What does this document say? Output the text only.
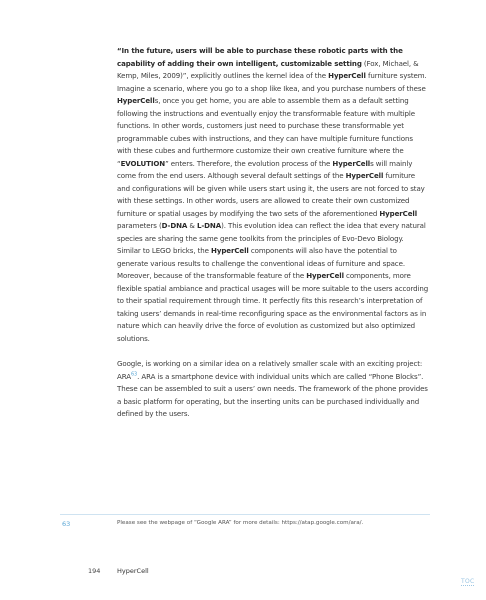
“In the future, users will be able to purchase these robotic parts with the capability of adding their own intelligent, customizable setting (Fox, Michael, & Kemp, Miles, 2009)”, explicitly outlines the kernel idea of the HyperCell furniture system. Imagine a scenario, where you go to a shop like Ikea, and you purchase numbers of these HyperCells, once you get home, you are able to assemble them as a default setting following the instructions and eventually enjoy the transformable feature with multiple functions. In other words, customers just need to purchase these transformable yet programmable cubes with instructions, and they can have multiple furniture functions with these cubes and furthermore customize their own creative furniture where the “EVOLUTION” enters. Therefore, the evolution process of the HyperCells will mainly come from the end users. Although several default settings of the HyperCell furniture and configurations will be given while users start using it, the users are not forced to stay with these settings. In other words, users are allowed to create their own customized furniture or spatial usages by modifying the two sets of the aforementioned HyperCell parameters (D-DNA & L-DNA). This evolution idea can reflect the idea that every natural species are sharing the same gene toolkits from the principles of Evo-Devo Biology. Similar to LEGO bricks, the HyperCell components will also have the potential to generate various results to challenge the conventional ideas of furniture and space. Moreover, because of the transformable feature of the HyperCell components, more flexible spatial ambiance and practical usages will be more suitable to the users according to their spatial requirement through time. It perfectly fits this research’s interpretation of taking users’ demands in real-time reconfiguring space as the environmental factors as in nature which can heavily drive the force of evolution as customized but also optimized solutions.

Google, is working on a similar idea on a relatively smaller scale with an exciting project: ARA$^{63}$. ARA is a smartphone device with individual units which are called “Phone Blocks”.
These can be assembled to suit a users’ own needs. The framework of the phone provides a basic platform for operating, but the inserting units can be purchased individually and defined by the users.

63	Please see the webpage of “Google ARA” for more details: https://atap.google.com/ara/.
194	HyperCell
TOC
